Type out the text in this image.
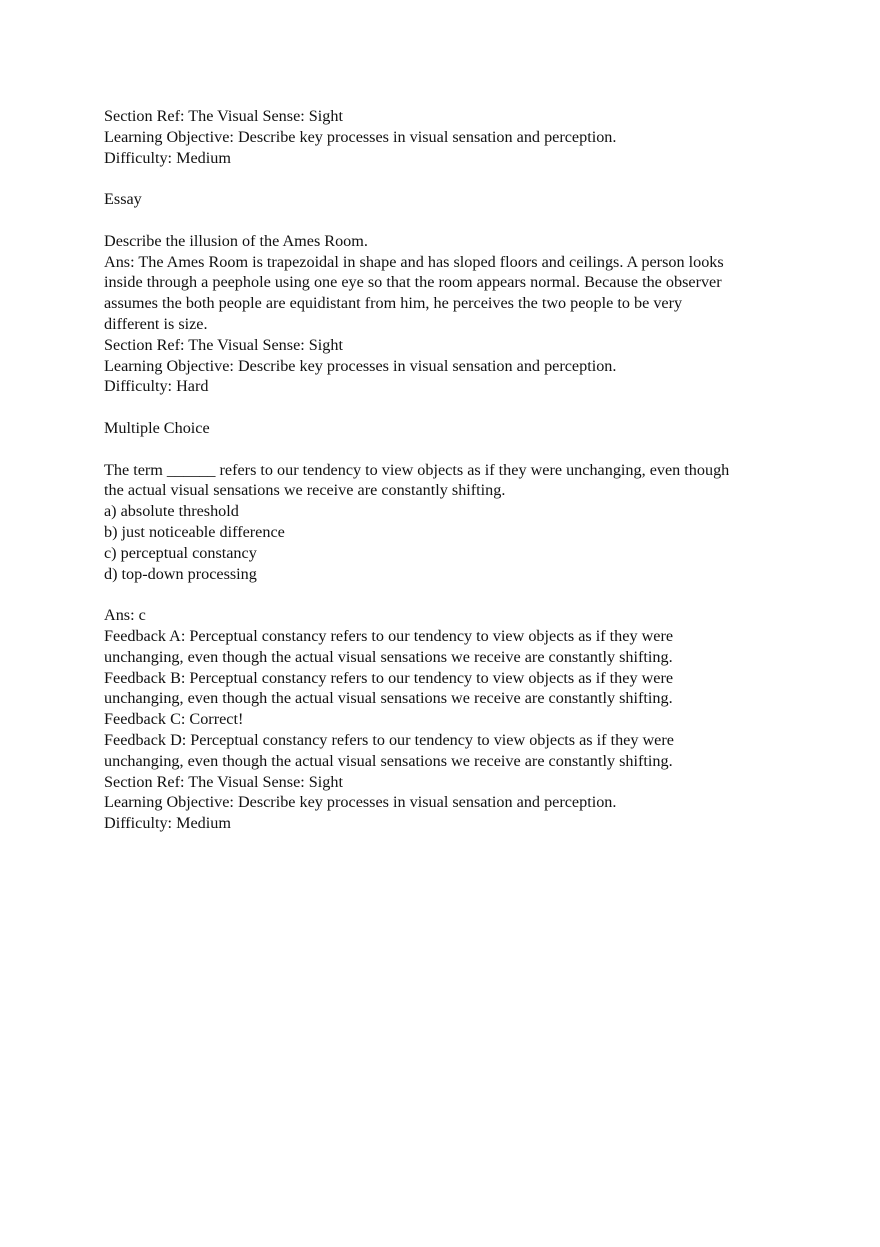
Section Ref: The Visual Sense: Sight
Learning Objective: Describe key processes in visual sensation and perception.
Difficulty: Medium
Essay
Describe the illusion of the Ames Room.
Ans: The Ames Room is trapezoidal in shape and has sloped floors and ceilings. A person looks
inside through a peephole using one eye so that the room appears normal. Because the observer
assumes the both people are equidistant from him, he perceives the two people to be very
different is size.
Section Ref: The Visual Sense: Sight
Learning Objective: Describe key processes in visual sensation and perception.
Difficulty: Hard
Multiple Choice
The term ______ refers to our tendency to view objects as if they were unchanging, even though
the actual visual sensations we receive are constantly shifting.
a) absolute threshold
b) just noticeable difference
c) perceptual constancy
d) top-down processing
Ans: c
Feedback A: Perceptual constancy refers to our tendency to view objects as if they were
unchanging, even though the actual visual sensations we receive are constantly shifting.
Feedback B: Perceptual constancy refers to our tendency to view objects as if they were
unchanging, even though the actual visual sensations we receive are constantly shifting.
Feedback C: Correct!
Feedback D: Perceptual constancy refers to our tendency to view objects as if they were
unchanging, even though the actual visual sensations we receive are constantly shifting.
Section Ref: The Visual Sense: Sight
Learning Objective: Describe key processes in visual sensation and perception.
Difficulty: Medium
